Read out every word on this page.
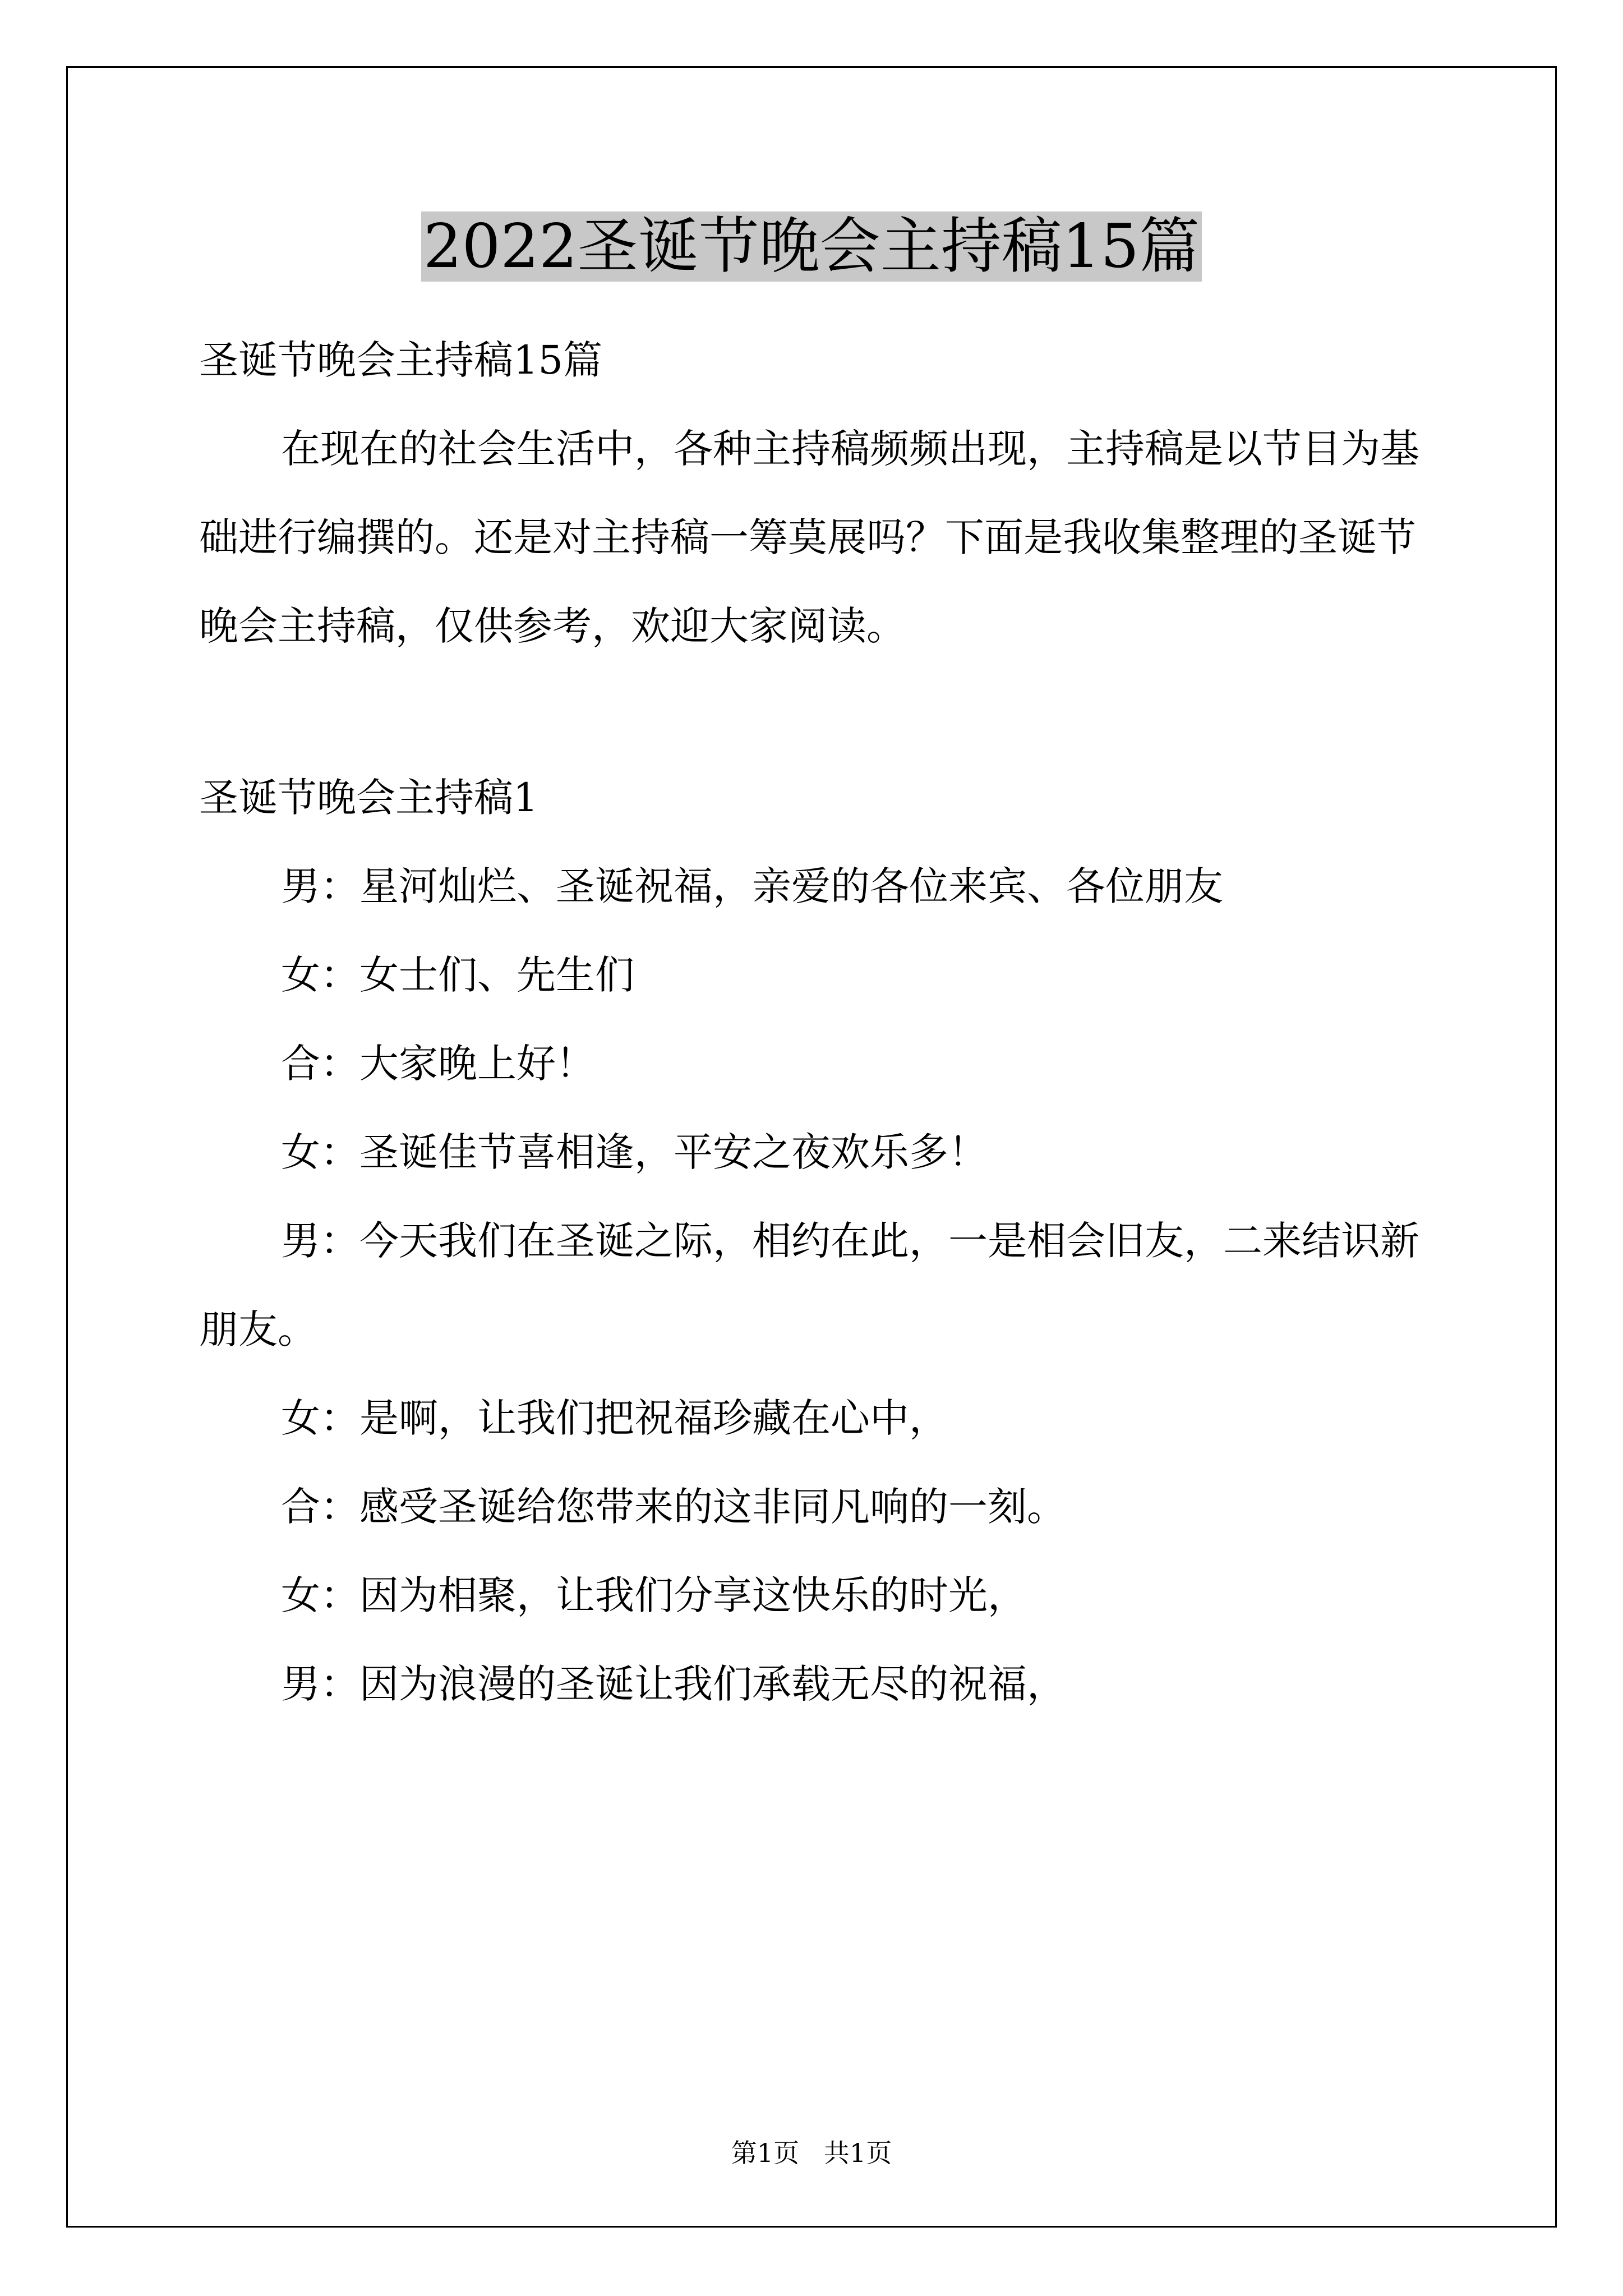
2022圣诞节晚会主持稿15篇

圣诞节晚会主持稿15篇

在现在的社会生活中，各种主持稿频频出现，主持稿是以节目为基础进行编撰的。还是对主持稿一筹莫展吗？下面是我收集整理的圣诞节晚会主持稿，仅供参考，欢迎大家阅读。

圣诞节晚会主持稿1

男：星河灿烂、圣诞祝福，亲爱的各位来宾、各位朋友

女：女士们、先生们

合：大家晚上好！

女：圣诞佳节喜相逢，平安之夜欢乐多！

男：今天我们在圣诞之际，相约在此，一是相会旧友，二来结识新朋友。

女：是啊，让我们把祝福珍藏在心中，

合：感受圣诞给您带来的这非同凡响的一刻。

女：因为相聚，让我们分享这快乐的时光，

男：因为浪漫的圣诞让我们承载无尽的祝福，

第1页   共1页
